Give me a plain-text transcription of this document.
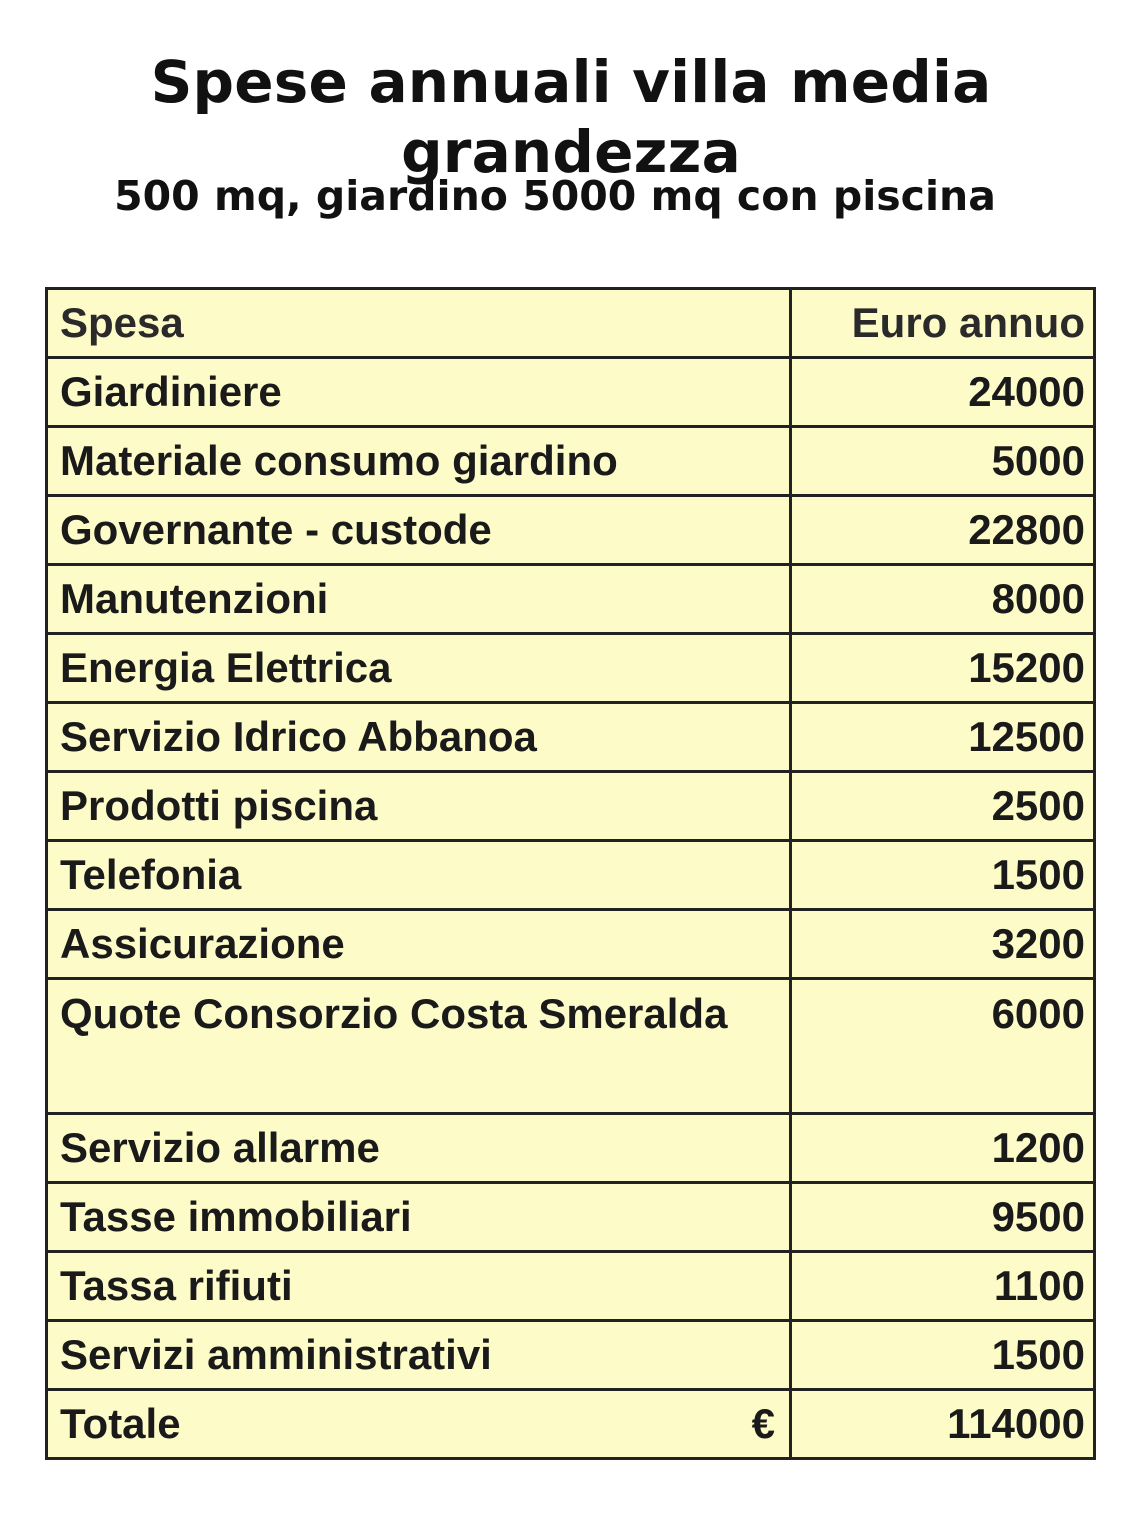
Spese annuali villa media grandezza
500 mq, giardino 5000 mq con piscina
Spesa	Euro annuo
Giardiniere	24000
Materiale consumo giardino	5000
Governante - custode	22800
Manutenzioni	8000
Energia Elettrica	15200
Servizio Idrico Abbanoa	12500
Prodotti piscina	2500
Telefonia	1500
Assicurazione	3200
Quote Consorzio Costa Smeralda	6000
Servizio allarme	1200
Tasse immobiliari	9500
Tassa rifiuti	1100
Servizi amministrativi	1500
Totale €	114000
